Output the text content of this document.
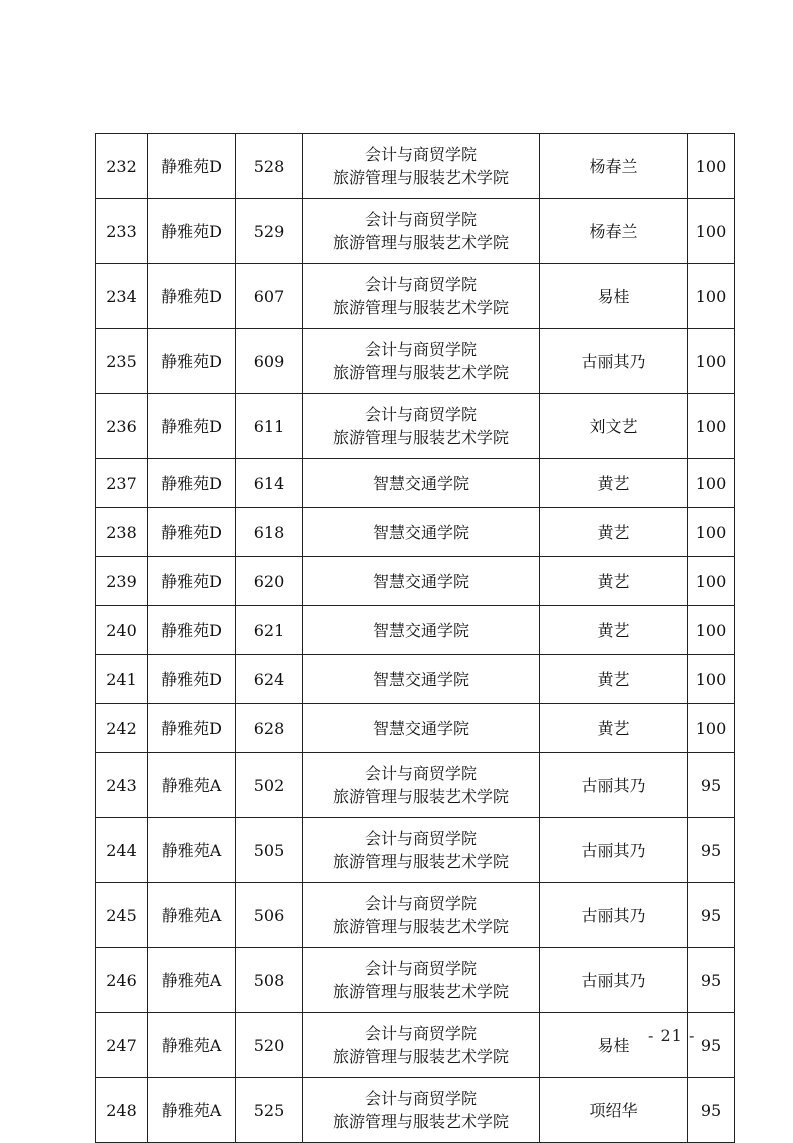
232	静雅苑D	528	会计与商贸学院
旅游管理与服装艺术学院	杨春兰	100
233	静雅苑D	529	会计与商贸学院
旅游管理与服装艺术学院	杨春兰	100
234	静雅苑D	607	会计与商贸学院
旅游管理与服装艺术学院	易桂	100
235	静雅苑D	609	会计与商贸学院
旅游管理与服装艺术学院	古丽其乃	100
236	静雅苑D	611	会计与商贸学院
旅游管理与服装艺术学院	刘文艺	100
237	静雅苑D	614	智慧交通学院	黄艺	100
238	静雅苑D	618	智慧交通学院	黄艺	100
239	静雅苑D	620	智慧交通学院	黄艺	100
240	静雅苑D	621	智慧交通学院	黄艺	100
241	静雅苑D	624	智慧交通学院	黄艺	100
242	静雅苑D	628	智慧交通学院	黄艺	100
243	静雅苑A	502	会计与商贸学院
旅游管理与服装艺术学院	古丽其乃	95
244	静雅苑A	505	会计与商贸学院
旅游管理与服装艺术学院	古丽其乃	95
245	静雅苑A	506	会计与商贸学院
旅游管理与服装艺术学院	古丽其乃	95
246	静雅苑A	508	会计与商贸学院
旅游管理与服装艺术学院	古丽其乃	95
247	静雅苑A	520	会计与商贸学院
旅游管理与服装艺术学院	易桂	95
248	静雅苑A	525	会计与商贸学院
旅游管理与服装艺术学院	项绍华	95
- 21 -
